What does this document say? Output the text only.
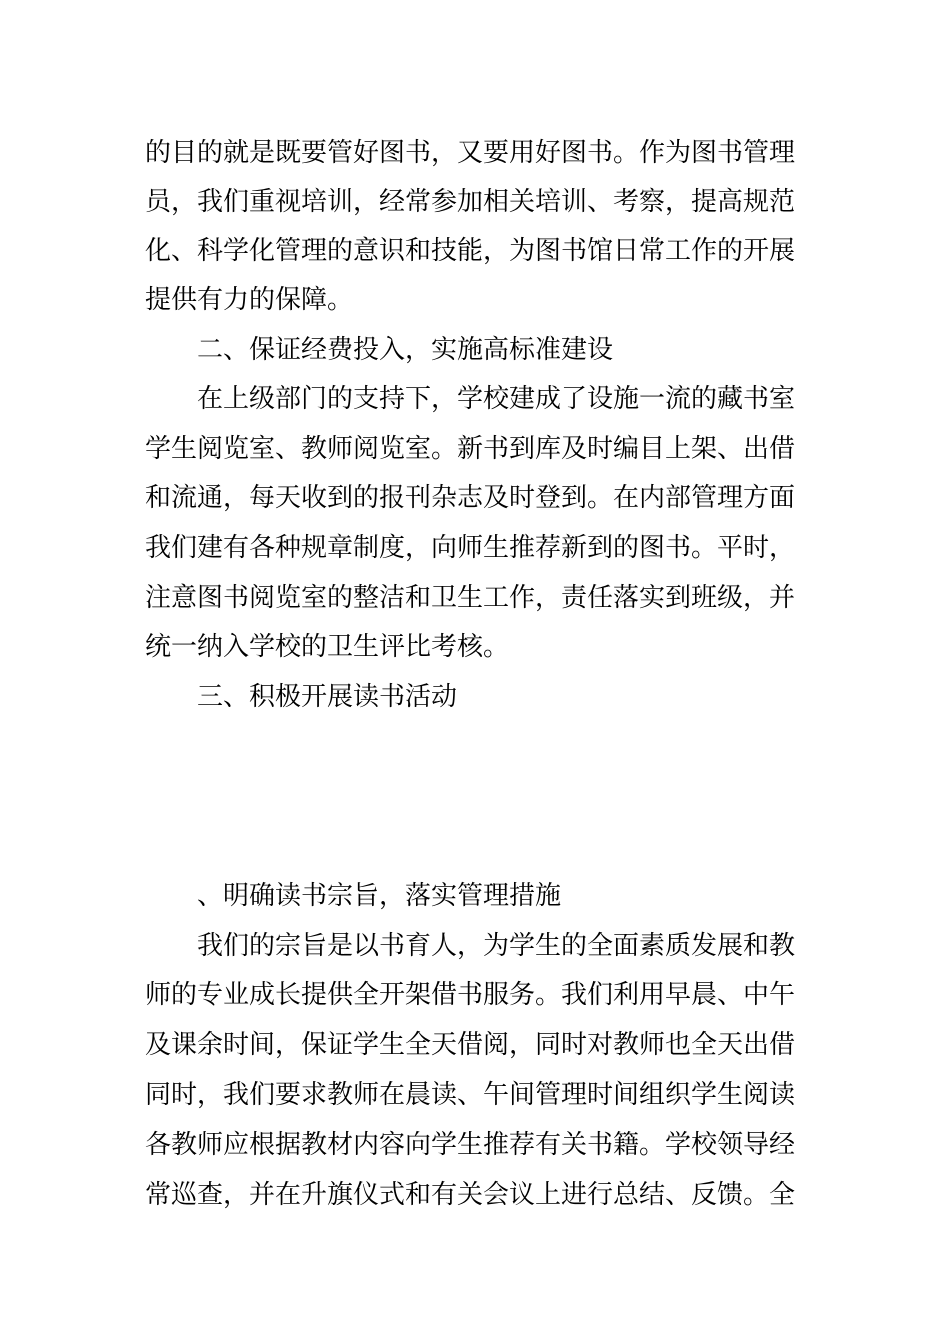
的目的就是既要管好图书，又要用好图书。作为图书管理
员，我们重视培训，经常参加相关培训、考察，提高规范
化、科学化管理的意识和技能，为图书馆日常工作的开展
提供有力的保障。
二、保证经费投入，实施高标准建设
在上级部门的支持下，学校建成了设施一流的藏书室
学生阅览室、教师阅览室。新书到库及时编目上架、出借
和流通，每天收到的报刊杂志及时登到。在内部管理方面
我们建有各种规章制度，向师生推荐新到的图书。平时，
注意图书阅览室的整洁和卫生工作，责任落实到班级，并
统一纳入学校的卫生评比考核。
三、积极开展读书活动
、明确读书宗旨，落实管理措施
我们的宗旨是以书育人，为学生的全面素质发展和教
师的专业成长提供全开架借书服务。我们利用早晨、中午
及课余时间，保证学生全天借阅，同时对教师也全天出借
同时，我们要求教师在晨读、午间管理时间组织学生阅读
各教师应根据教材内容向学生推荐有关书籍。学校领导经
常巡查，并在升旗仪式和有关会议上进行总结、反馈。全
